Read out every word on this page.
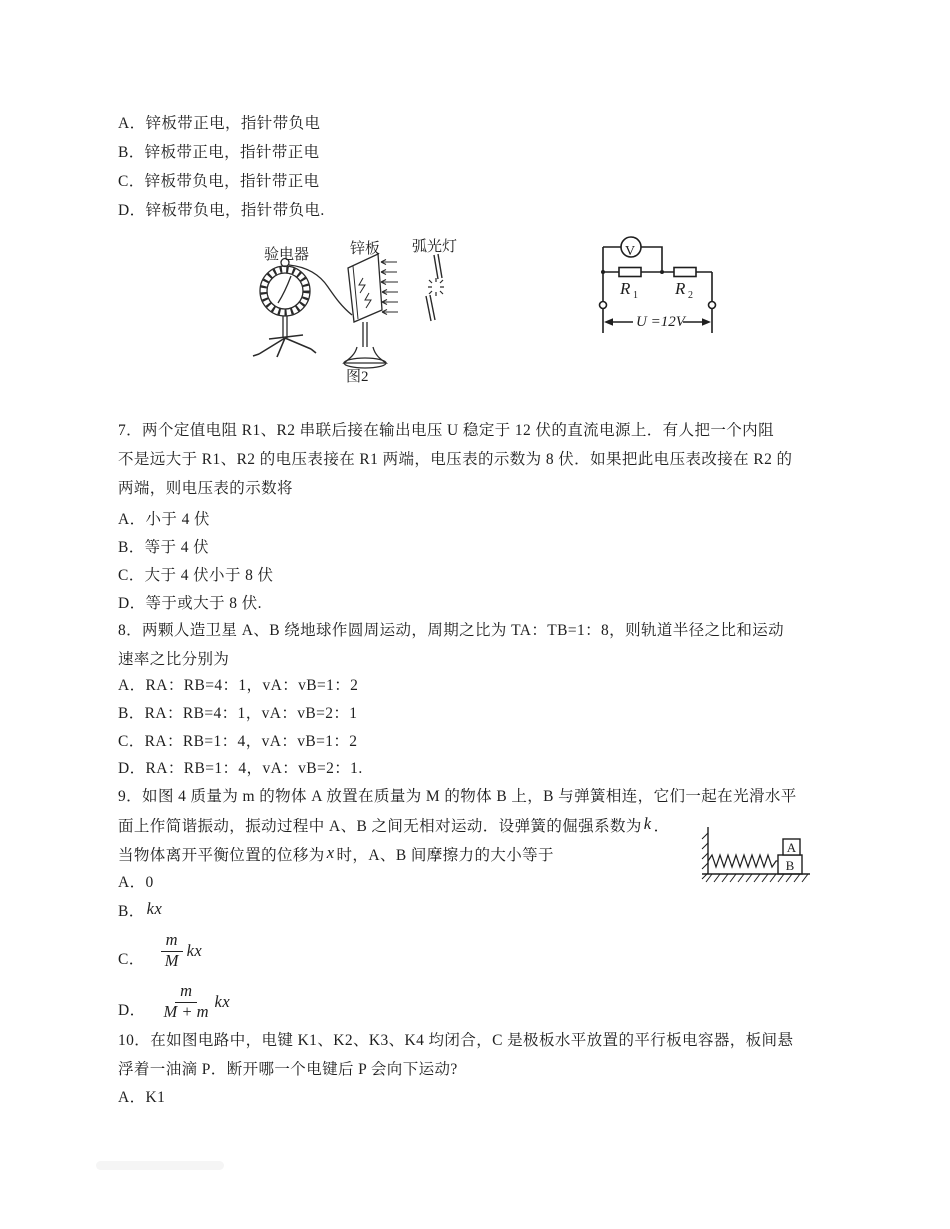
A．锌板带正电，指针带负电
B．锌板带正电，指针带正电
C．锌板带负电，指针带正电
D．锌板带负电，指针带负电.
验电器	锌板 弧光灯
图2
V
R 1 R 2
U =12V
7．两个定值电阻 R1、R2 串联后接在输出电压 U 稳定于 12 伏的直流电源上．有人把一个内阻
不是远大于 R1、R2 的电压表接在 R1 两端，电压表的示数为 8 伏．如果把此电压表改接在 R2 的
两端，则电压表的示数将
A．小于 4 伏
B．等于 4 伏
C．大于 4 伏小于 8 伏
D．等于或大于 8 伏.
8．两颗人造卫星 A、B 绕地球作圆周运动，周期之比为 TA：TB=1：8，则轨道半径之比和运动
速率之比分别为
A．RA：RB=4：1，vA：vB=1：2
B．RA：RB=4：1，vA：vB=2：1
C．RA：RB=1：4，vA：vB=1：2
D．RA：RB=1：4，vA：vB=2：1.
9．如图 4 质量为 m 的物体 A 放置在质量为 M 的物体 B 上，B 与弹簧相连，它们一起在光滑水平
面上作简谐振动，振动过程中 A、B 之间无相对运动．设弹簧的倔强系数为 k ．
当物体离开平衡位置的位移为 x 时，A、B 间摩擦力的大小等于
A．0
B． kx
C． $\frac{m}{M}$ kx
D． $\frac{m}{M + m}$ kx
A
B
10．在如图电路中，电键 K1、K2、K3、K4 均闭合，C 是极板水平放置的平行板电容器，板间悬
浮着一油滴 P．断开哪一个电键后 P 会向下运动?
A．K1
